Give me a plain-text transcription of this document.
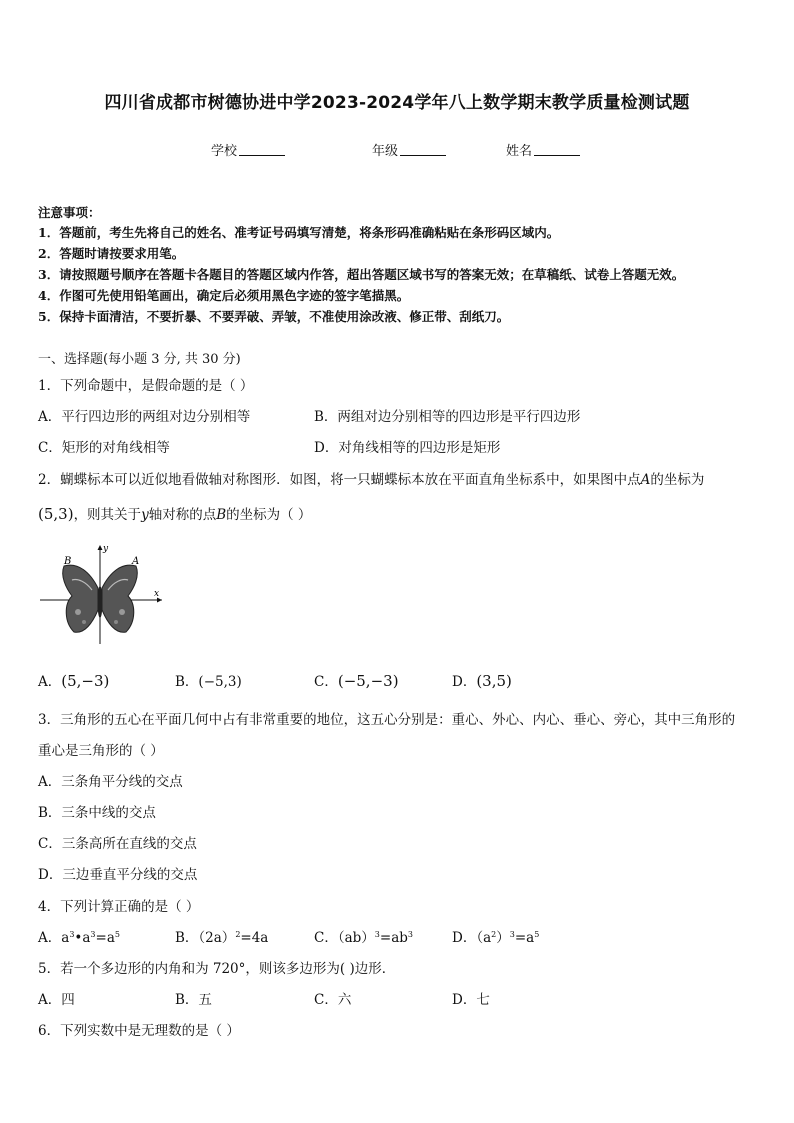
四川省成都市树德协进中学2023-2024学年八上数学期末教学质量检测试题
学校	年级	姓名
注意事项：
1．答题前，考生先将自己的姓名、准考证号码填写清楚，将条形码准确粘贴在条形码区域内。
2．答题时请按要求用笔。
3．请按照题号顺序在答题卡各题目的答题区域内作答，超出答题区域书写的答案无效；在草稿纸、试卷上答题无效。
4．作图可先使用铅笔画出，确定后必须用黑色字迹的签字笔描黑。
5．保持卡面清洁，不要折暴、不要弄破、弄皱，不准使用涂改液、修正带、刮纸刀。
一、选择题(每小题 3 分, 共 30 分)
1．下列命题中，是假命题的是（ ）
A．平行四边形的两组对边分别相等	B．两组对边分别相等的四边形是平行四边形
C．矩形的对角线相等	D．对角线相等的四边形是矩形
2．蝴蝶标本可以近似地看做轴对称图形．如图，将一只蝴蝶标本放在平面直角坐标系中，如果图中点A的坐标为
(5,3)，则其关于y轴对称的点B的坐标为（ ）
B	A
y
x
A．(5,−3)	B．(−5,3)	C．(−5,−3)	D．(3,5)
3．三角形的五心在平面几何中占有非常重要的地位，这五心分别是：重心、外心、内心、垂心、旁心，其中三角形的
重心是三角形的（ ）
A．三条角平分线的交点
B．三条中线的交点
C．三条高所在直线的交点
D．三边垂直平分线的交点
4．下列计算正确的是（ ）
A．$a^3•a^3=a^5$	B．$(2a)^2=4a$	C．$(ab)^3=ab^3$	D．$(a^2)^3=a^5$
5．若一个多边形的内角和为 720°，则该多边形为( )边形．
A．四	B．五	C．六	D．七
6．下列实数中是无理数的是（ ）
